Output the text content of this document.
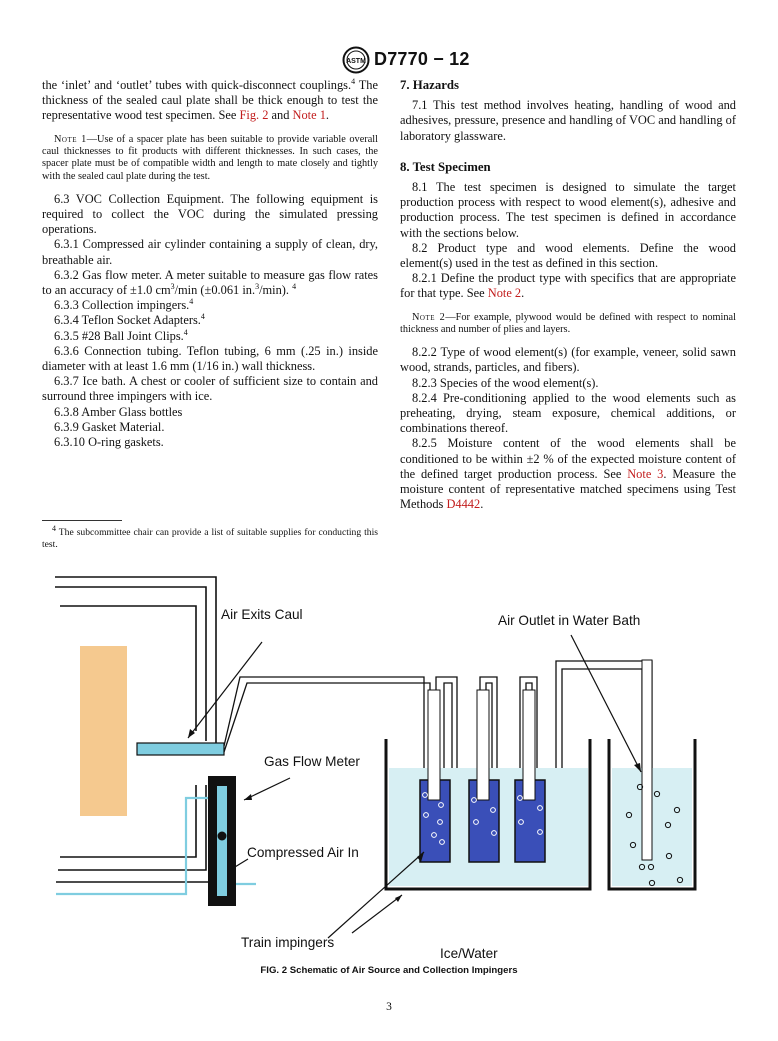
ASTM D7770 − 12

the ‘inlet’ and ‘outlet’ tubes with quick-disconnect couplings.$^4$ The thickness of the sealed caul plate shall be thick enough to test the representative wood test specimen. See Fig. 2 and Note 1.

Note 1—Use of a spacer plate has been suitable to provide variable overall caul thicknesses to fit products with different thicknesses. In such cases, the spacer plate must be of compatible width and length to mate closely and tightly with the sealed caul plate during the test.

6.3 VOC Collection Equipment. The following equipment is required to collect the VOC during the simulated pressing operations.

6.3.1 Compressed air cylinder containing a supply of clean, dry, breathable air.

6.3.2 Gas flow meter. A meter suitable to measure gas flow rates to an accuracy of ±1.0 $cm^3/\min$ (±0.061 in.$^3$/min). $^4$

6.3.3 Collection impingers.$^4$

6.3.4 Teflon Socket Adapters.$^4$

6.3.5 #28 Ball Joint Clips.$^4$

6.3.6 Connection tubing. Teflon tubing, 6 mm (.25 in.) inside diameter with at least 1.6 mm (1/16 in.) wall thickness.

6.3.7 Ice bath. A chest or cooler of sufficient size to contain and surround three impingers with ice.

6.3.8 Amber Glass bottles

6.3.9 Gasket Material.

6.3.10 O-ring gaskets.

$^4$ The subcommittee chair can provide a list of suitable supplies for conducting this test.
7. Hazards

7.1 This test method involves heating, handling of wood and adhesives, pressure, presence and handling of VOC and handling of laboratory glassware.

8. Test Specimen

8.1 The test specimen is designed to simulate the target production process with respect to wood element(s), adhesive and production process. The test specimen is defined in accordance with the sections below.

8.2 Product type and wood elements. Define the wood element(s) used in the test as defined in this section.

8.2.1 Define the product type with specifics that are appropriate for that type. See Note 2.

Note 2—For example, plywood would be defined with respect to nominal thickness and number of plies and layers.

8.2.2 Type of wood element(s) (for example, veneer, solid sawn wood, strands, particles, and fibers).

8.2.3 Species of the wood element(s).

8.2.4 Pre-conditioning applied to the wood elements such as preheating, drying, steam exposure, chemical additions, or combinations thereof.

8.2.5 Moisture content of the wood elements shall be conditioned to be within ±2 % of the expected moisture content of the defined target production process. See Note 3. Measure the moisture content of representative matched specimens using Test Methods D4442.

Air Exits Caul	Air Outlet in Water Bath
Gas Flow Meter
Compressed Air In
Train impingers
Ice/Water
FIG. 2 Schematic of Air Source and Collection Impingers
3
